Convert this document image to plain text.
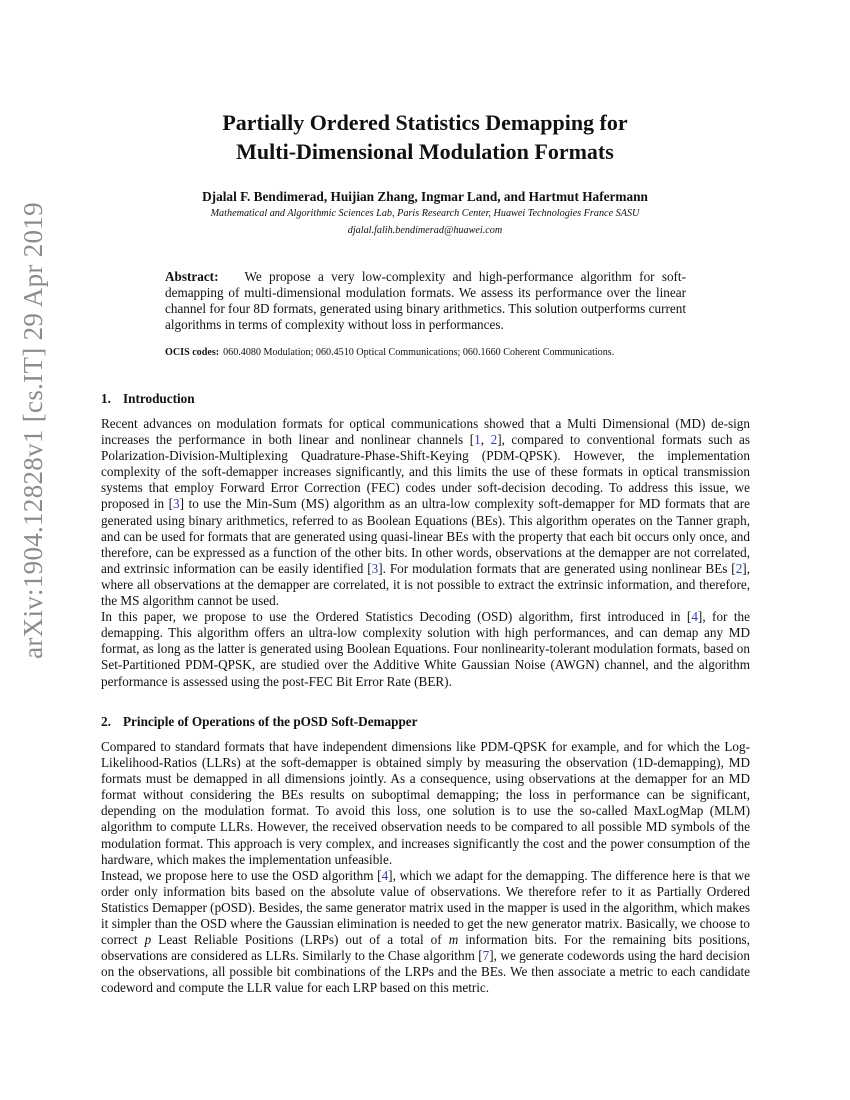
arXiv:1904.12828v1 [cs.IT] 29 Apr 2019
Partially Ordered Statistics Demapping for
Multi-Dimensional Modulation Formats
Djalal F. Bendimerad, Huijian Zhang, Ingmar Land, and Hartmut Hafermann
Mathematical and Algorithmic Sciences Lab, Paris Research Center, Huawei Technologies France SASU
djalal.falih.bendimerad@huawei.com
Abstract: We propose a very low-complexity and high-performance algorithm for soft-demapping of multi-dimensional modulation formats. We assess its performance over the linear channel for four 8D formats, generated using binary arithmetics. This solution outperforms current algorithms in terms of complexity without loss in performances.
OCIS codes: 060.4080 Modulation; 060.4510 Optical Communications; 060.1660 Coherent Communications.
1. Introduction

Recent advances on modulation formats for optical communications showed that a Multi Dimensional (MD) de-sign increases the performance in both linear and nonlinear channels [1, 2], compared to conventional formats such as Polarization-Division-Multiplexing Quadrature-Phase-Shift-Keying (PDM-QPSK). However, the implementation complexity of the soft-demapper increases significantly, and this limits the use of these formats in optical transmission systems that employ Forward Error Correction (FEC) codes under soft-decision decoding. To address this issue, we proposed in [3] to use the Min-Sum (MS) algorithm as an ultra-low complexity soft-demapper for MD formats that are generated using binary arithmetics, referred to as Boolean Equations (BEs). This algorithm operates on the Tanner graph, and can be used for formats that are generated using quasi-linear BEs with the property that each bit occurs only once, and therefore, can be expressed as a function of the other bits. In other words, observations at the demapper are not correlated, and extrinsic information can be easily identified [3]. For modulation formats that are generated using nonlinear BEs [2], where all observations at the demapper are correlated, it is not possible to extract the extrinsic information, and therefore, the MS algorithm cannot be used.

In this paper, we propose to use the Ordered Statistics Decoding (OSD) algorithm, first introduced in [4], for the demapping. This algorithm offers an ultra-low complexity solution with high performances, and can demap any MD format, as long as the latter is generated using Boolean Equations. Four nonlinearity-tolerant modulation formats, based on Set-Partitioned PDM-QPSK, are studied over the Additive White Gaussian Noise (AWGN) channel, and the algorithm performance is assessed using the post-FEC Bit Error Rate (BER).

2. Principle of Operations of the pOSD Soft-Demapper

Compared to standard formats that have independent dimensions like PDM-QPSK for example, and for which the Log-Likelihood-Ratios (LLRs) at the soft-demapper is obtained simply by measuring the observation (1D-demapping), MD formats must be demapped in all dimensions jointly. As a consequence, using observations at the demapper for an MD format without considering the BEs results on suboptimal demapping; the loss in performance can be significant, depending on the modulation format. To avoid this loss, one solution is to use the so-called MaxLogMap (MLM) algorithm to compute LLRs. However, the received observation needs to be compared to all possible MD symbols of the modulation format. This approach is very complex, and increases significantly the cost and the power consumption of the hardware, which makes the implementation unfeasible.

Instead, we propose here to use the OSD algorithm [4], which we adapt for the demapping. The difference here is that we order only information bits based on the absolute value of observations. We therefore refer to it as Partially Ordered Statistics Demapper (pOSD). Besides, the same generator matrix used in the mapper is used in the algorithm, which makes it simpler than the OSD where the Gaussian elimination is needed to get the new generator matrix. Basically, we choose to correct p Least Reliable Positions (LRPs) out of a total of m information bits. For the remaining bits positions, observations are considered as LLRs. Similarly to the Chase algorithm [7], we generate codewords using the hard decision on the observations, all possible bit combinations of the LRPs and the BEs. We then associate a metric to each candidate codeword and compute the LLR value for each LRP based on this metric.
